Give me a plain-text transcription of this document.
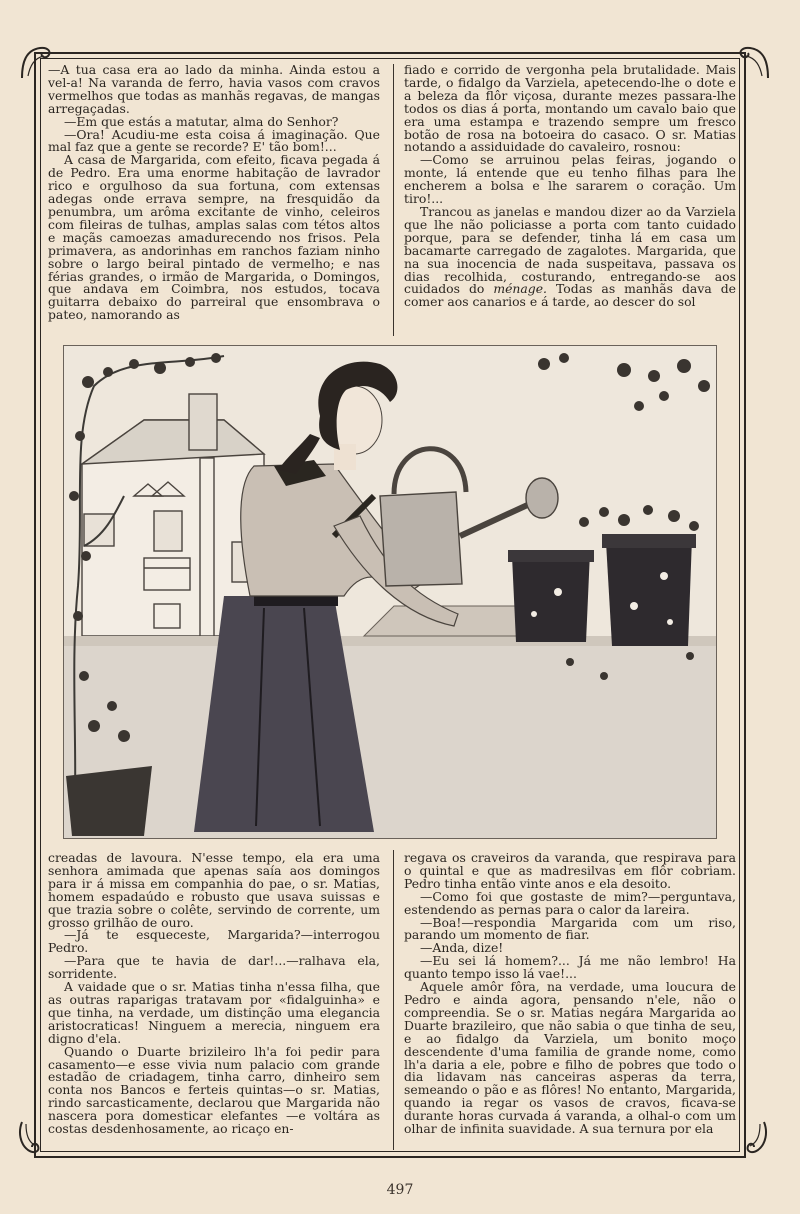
—A tua casa era ao lado da minha. Ainda estou a vel-a! Na varanda de ferro, havia vasos com cravos vermelhos que todas as manhãs regavas, de mangas arregaçadas.

—Em que estás a matutar, alma do Senhor?

—Ora! Acudiu-me esta coisa á imaginação. Que mal faz que a gente se recorde? E' tão bom!...

A casa de Margarida, com efeito, ficava pegada á de Pedro. Era uma enorme habitação de lavrador rico e orgulhoso da sua fortuna, com extensas adegas onde errava sempre, na fresquidão da penumbra, um arôma excitante de vinho, celeiros com fileiras de tulhas, amplas salas com tétos altos e maçãs camoezas amadurecendo nos frisos. Pela primavera, as andorinhas em ranchos faziam ninho sobre o largo beiral pintado de vermelho; e nas férias grandes, o irmão de Margarida, o Domingos, que andava em Coimbra, nos estudos, tocava guitarra debaixo do parreiral que ensombrava o pateo, namorando as

fiado e corrido de vergonha pela brutalidade. Mais tarde, o fidalgo da Varziela, apetecendo-lhe o dote e a beleza da flôr viçosa, durante mezes passara-lhe todos os dias á porta, montando um cavalo baio que era uma estampa e trazendo sempre um fresco botão de rosa na botoeira do casaco. O sr. Matias notando a assiduidade do cavaleiro, rosnou:

—Como se arruinou pelas feiras, jogando o monte, lá entende que eu tenho filhas para lhe encherem a bolsa e lhe sararem o coração. Um tiro!...

Trancou as janelas e mandou dizer ao da Varziela que lhe não policiasse a porta com tanto cuidado porque, para se defender, tinha lá em casa um bacamarte carregado de zagalotes. Margarida, que na sua inocencia de nada suspeitava, passava os dias recolhida, costurando, entregando-se aos cuidados do ménage. Todas as manhãs dava de comer aos canarios e á tarde, ao descer do sol

creadas de lavoura. N'esse tempo, ela era uma senhora amimada que apenas saía aos domingos para ir á missa em companhia do pae, o sr. Matias, homem espadaúdo e robusto que usava suissas e que trazia sobre o colête, servindo de corrente, um grosso grilhão de ouro.

—Já te esqueceste, Margarida?—interrogou Pedro.

—Para que te havia de dar!...—ralhava ela, sorridente.

A vaidade que o sr. Matias tinha n'essa filha, que as outras raparigas tratavam por «fidalguinha» e que tinha, na verdade, um distinção uma elegancia aristocraticas! Ninguem a merecia, ninguem era digno d'ela.

Quando o Duarte brizileiro lh'a foi pedir para casamento—e esse vivia num palacio com grande estadão de criadagem, tinha carro, dinheiro sem conta nos Bancos e ferteis quintas—o sr. Matias, rindo sarcasticamente, declarou que Margarida não nascera pora domesticar elefantes —e voltára as costas desdenhosamente, ao ricaço en-

regava os craveiros da varanda, que respirava para o quintal e que as madresilvas em flôr cobriam. Pedro tinha então vinte anos e ela desoito.

—Como foi que gostaste de mim?—perguntava, estendendo as pernas para o calor da lareira.

—Boa!—respondia Margarida com um riso, parando um momento de fiar.

—Anda, dize!

—Eu sei lá homem?... Já me não lembro! Ha quanto tempo isso lá vae!...

Aquele amôr fôra, na verdade, uma loucura de Pedro e ainda agora, pensando n'ele, não o compreendia. Se o sr. Matias negára Margarida ao Duarte brazileiro, que não sabia o que tinha de seu, e ao fidalgo da Varziela, um bonito moço descendente d'uma familia de grande nome, como lh'a daria a ele, pobre e filho de pobres que todo o dia lidavam nas canceiras asperas da terra, semeando o pão e as flôres! No entanto, Margarida, quando ia regar os vasos de cravos, ficava-se durante horas curvada á varanda, a olhal-o com um olhar de infinita suavidade. A sua ternura por ela

497
